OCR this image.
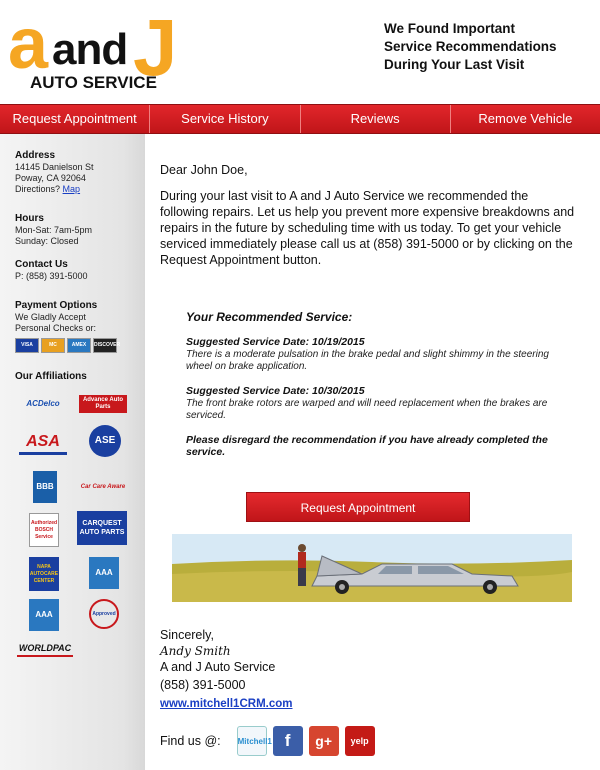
a and J
AUTO SERVICE
We Found Important
Service Recommendations
During Your Last Visit
Request Appointment	Service History	Reviews	Remove Vehicle
Address
14145 Danielson St
Poway, CA 92064
Directions? Map
Hours
Mon-Sat: 7am-5pm
Sunday: Closed
Contact Us
P: (858) 391-5000
Payment Options
We Gladly Accept
Personal Checks or:
VISA	MC	AMEX	DISCOVER
Our Affiliations
ACDelco	Advance Auto Parts
ASA	ASE
BBB	Car Care Aware
Authorized BOSCH Service
CARQUEST AUTO PARTS
NAPA AUTOCARE CENTER
AAA
AAA	Approved
WORLDPAC
Dear John Doe,
During your last visit to A and J Auto Service we recommended the following repairs. Let us help you prevent more expensive breakdowns and repairs in the future by scheduling time with us today. To get your vehicle serviced immediately please call us at (858) 391-5000 or by clicking on the Request Appointment button.
Your Recommended Service:
Suggested Service Date: 10/19/2015
There is a moderate pulsation in the brake pedal and slight shimmy in the steering wheel on brake application.
Suggested Service Date: 10/30/2015
The front brake rotors are warped and will need replacement when the brakes are serviced.
Please disregard the recommendation if you have already completed the service.
Request Appointment
Sincerely,
Andy Smith
A and J Auto Service
(858) 391-5000
www.mitchell1CRM.com
Find us @: Mitchell1 f	g+	yelp
